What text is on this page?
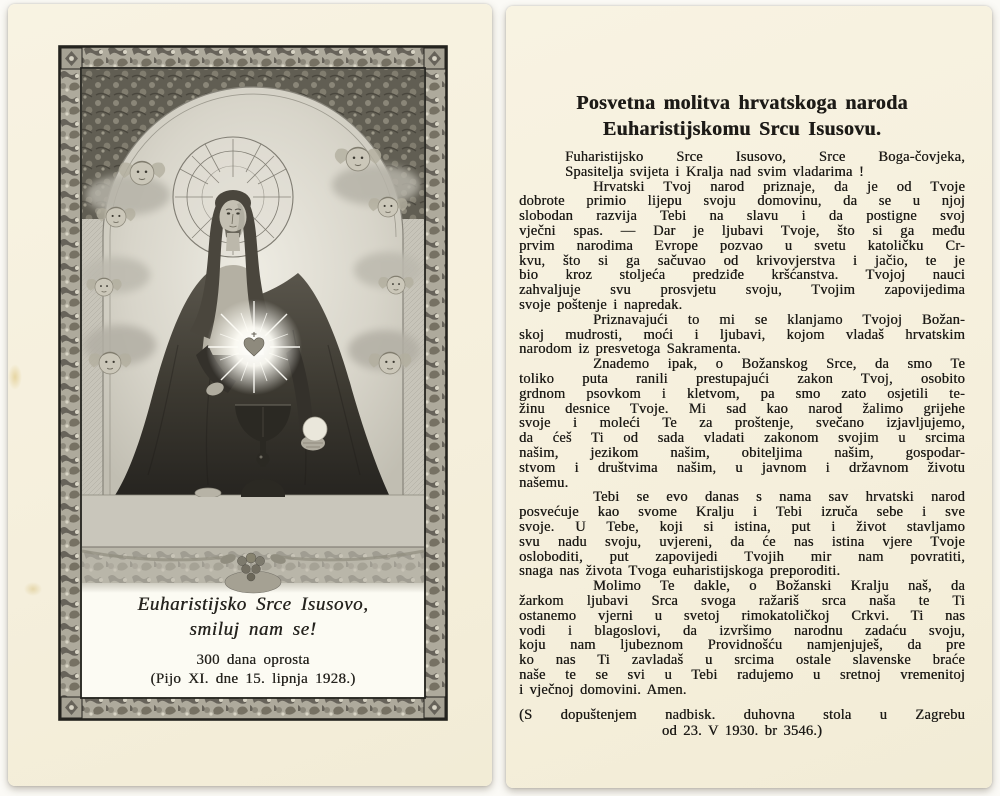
Euharistijsko Srce Isusovo,
smiluj nam se!
300 dana oprosta
(Pijo XI. dne 15. lipnja 1928.)
Posvetna molitva hrvatskoga naroda
Euharistijskomu Srcu Isusovu.
Fuharistijsko Srce Isusovo, Srce Boga-čovjeka,
Spasitelja svijeta i Kralja nad svim vladarima !
Hrvatski Tvoj narod priznaje, da je od Tvoje
dobrote primio lijepu svoju domovinu, da se u njoj
slobodan razvija Tebi na slavu i da postigne svoj
vječni spas. — Dar je ljubavi Tvoje, što si ga među
prvim narodima Evrope pozvao u svetu katoličku Cr-
kvu, što si ga sačuvao od krivovjerstva i jačio, te je
bio kroz stoljeća predziđe kršćanstva. Tvojoj nauci
zahvaljuje svu prosvjetu svoju, Tvojim zapovijedima
svoje poštenje i napredak.
Priznavajući to mi se klanjamo Tvojoj Božan-
skoj mudrosti, moći i ljubavi, kojom vladaš hrvatskim
narodom iz presvetoga Sakramenta.
Znademo ipak, o Božanskog Srce, da smo Te
toliko puta ranili prestupajući zakon Tvoj, osobito
grdnom psovkom i kletvom, pa smo zato osjetili te-
žinu desnice Tvoje. Mi sad kao narod žalimo grijehe
svoje i moleći Te za proštenje, svečano izjavljujemo,
da ćeš Ti od sada vladati zakonom svojim u srcima
našim, jezikom našim, obiteljima našim, gospodar-
stvom i društvima našim, u javnom i državnom životu
našemu.
Tebi se evo danas s nama sav hrvatski narod
posvećuje kao svome Kralju i Tebi izruča sebe i sve
svoje. U Tebe, koji si istina, put i život stavljamo
svu nadu svoju, uvjereni, da će nas istina vjere Tvoje
osloboditi, put zapovijedi Tvojih mir nam povratiti,
snaga nas života Tvoga euharistijskoga preporoditi.
Molimo Te dakle, o Božanski Kralju naš, da
žarkom ljubavi Srca svoga ražariš srca naša te Ti
ostanemo vjerni u svetoj rimokatoličkoj Crkvi. Ti nas
vodi i blagoslovi, da izvršimo narodnu zadaću svoju,
koju nam ljubeznom Providnošću namjenjuješ, da pre
ko nas Ti zavladaš u srcima ostale slavenske braće
naše te se svi u Tebi radujemo u sretnoj vremenitoj
i vječnoj domovini. Amen.
(S dopuštenjem nadbisk. duhovna stola u Zagrebu
od 23. V 1930. br 3546.)
